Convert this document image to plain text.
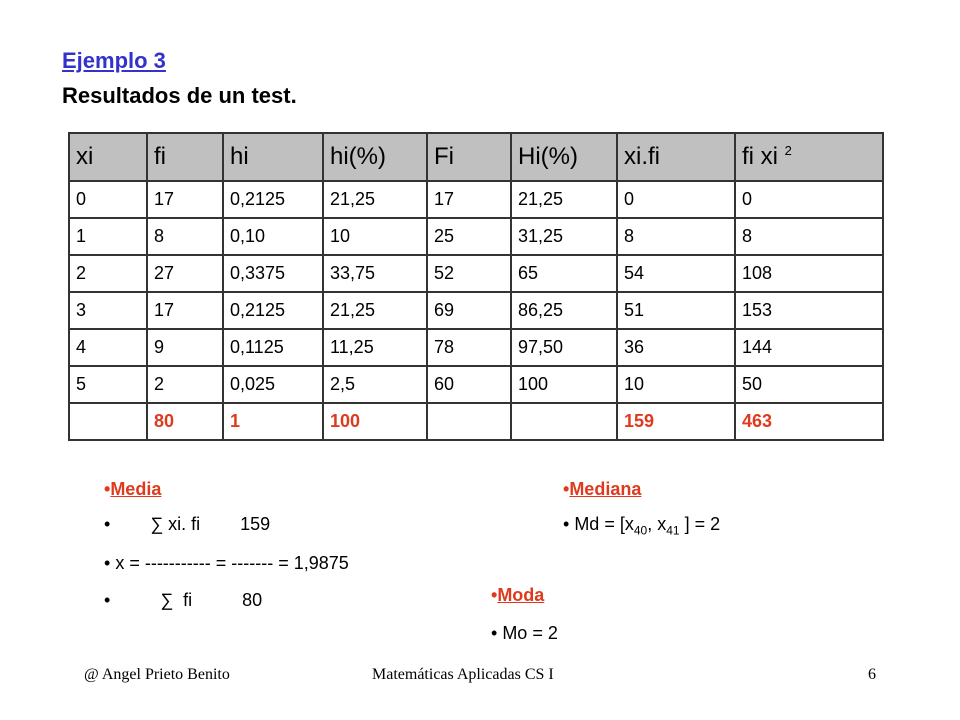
Ejemplo 3
Resultados de un test.
xi	fi	hi	hi(%)	Fi	Hi(%)	xi.fi	fi xi $^2$
0	17	0,2125	21,25	17	21,25	0	0
1	8	0,10	10	25	31,25	8	8
2	27	0,3375	33,75	52	65	54	108
3	17	0,2125	21,25	69	86,25	51	153
4	9	0,1125	11,25	78	97,50	36	144
5	2	0,025	2,5	60	100	10	50
	80	1	100			159	463
•Media
•        ∑ xi. fi        159
• x = ----------- = ------- = 1,9875
•          ∑  fi          80
•Mediana
• $Md = [x_{40}$, $x_{41}$ ] = 2
•Moda
• Mo = 2
@ Angel Prieto Benito	Matemáticas Aplicadas CS I	6
